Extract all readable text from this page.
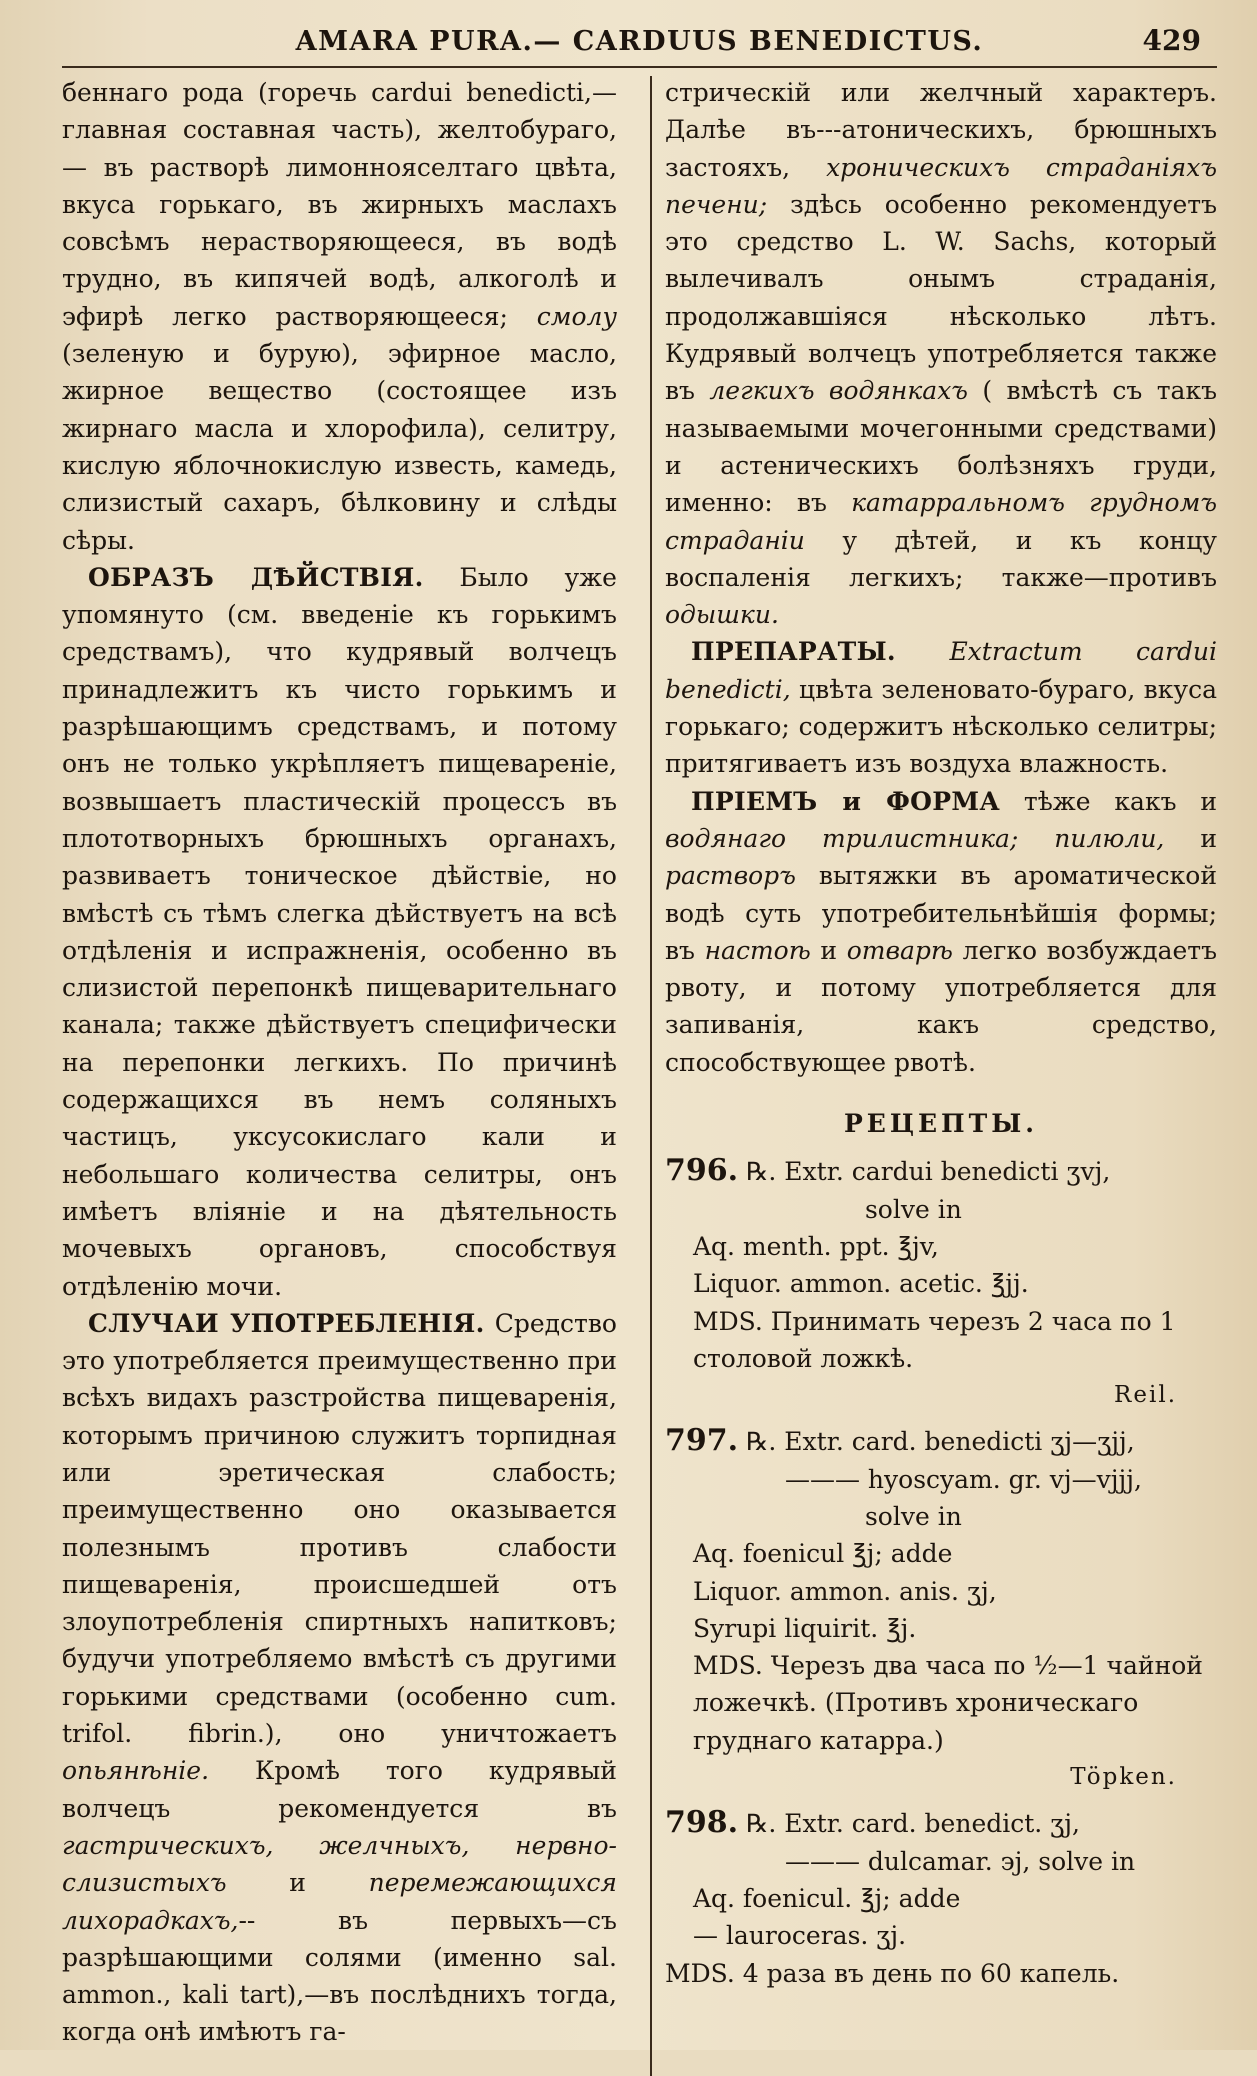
AMARA PURA.— CARDUUS BENEDICTUS.	429

беннаго рода (горечь cardui benedicti,— главная составная часть), желтобураго,— въ растворѣ лимоннояселтаго цвѣта, вкуса горькаго, въ жирныхъ маслахъ совсѣмъ нерастворяющееся, въ водѣ трудно, въ кипячей водѣ, алкоголѣ и эфирѣ легко растворяющееся; смолу (зеленую и бурую), эфирное масло, жирное вещество (состоящее изъ жирнаго масла и хлорофила), селитру, кислую яблочнокислую известь, камедь, слизистый сахаръ, бѣлковину и слѣды сѣры.

ОБРАЗЪ ДѢЙСТВІЯ. Было уже упомянуто (см. введеніе къ горькимъ средствамъ), что кудрявый волчецъ принадлежитъ къ чисто горькимъ и разрѣшающимъ средствамъ, и потому онъ не только укрѣпляетъ пищевареніе, возвышаетъ пластическій процессъ въ плототворныхъ брюшныхъ органахъ, развиваетъ тоническое дѣйствіе, но вмѣстѣ съ тѣмъ слегка дѣйствуетъ на всѣ отдѣленія и испражненія, особенно въ слизистой перепонкѣ пищеварительнаго канала; также дѣйствуетъ специфически на перепонки легкихъ. По причинѣ содержащихся въ немъ соляныхъ частицъ, уксусокислаго кали и небольшаго количества селитры, онъ имѣетъ вліяніе и на дѣятельность мочевыхъ органовъ, способствуя отдѣленію мочи.

СЛУЧАИ УПОТРЕБЛЕНІЯ. Средство это употребляется преимущественно при всѣхъ видахъ разстройства пищеваренія, которымъ причиною служитъ торпидная или эретическая слабость; преимущественно оно оказывается полезнымъ противъ слабости пищеваренія, происшедшей отъ злоупотребленія спиртныхъ напитковъ; будучи употребляемо вмѣстѣ съ другими горькими средствами (особенно cum. trifol. fibrin.), оно уничтожаетъ опьянѣніе. Кромѣ того кудрявый волчецъ рекомендуется въ гастрическихъ, желчныхъ, нервно-слизистыхъ	и	перемежающихся лихорадкахъ,-- въ первыхъ—съ разрѣшающими солями (именно sal. ammon., kali tart),—въ послѣднихъ тогда, когда онѣ имѣютъ га-

стрическій или желчный характеръ. Далѣе въ---атоническихъ, брюшныхъ застояхъ, хроническихъ страданіяхъ печени; здѣсь особенно рекомендуетъ это средство L. W. Sachs, который вылечивалъ онымъ страданія, продолжавшіяся нѣсколько лѣтъ. Кудрявый волчецъ употребляется также въ легкихъ водянкахъ ( вмѣстѣ съ такъ называемыми мочегонными средствами) и астеническихъ болѣзняхъ груди, именно: въ катарральномъ грудномъ страданіи у дѣтей, и къ концу воспаленія легкихъ; также—противъ одышки.

ПРЕПАРАТЫ. Extractum cardui benedicti, цвѣта зеленовато-бураго, вкуса горькаго; содержитъ нѣсколько селитры; притягиваетъ изъ воздуха влажность.

ПРІЕМЪ и ФОРМА тѣже какъ и водянаго трилистника; пилюли, и растворъ вытяжки въ ароматической водѣ суть употребительнѣйшія формы; въ настоѣ и отварѣ легко возбуждаетъ рвоту, и потому употребляется для запиванія, какъ средство, способствующее рвотѣ.

РЕЦЕПТЫ.
796. ℞. Extr. cardui benedicti ʒvj,
solve in
Aq. menth. ppt. ℥jv,
Liquor. ammon. acetic. ℥jj.
MDS. Принимать черезъ 2 часа по 1 столовой ложкѣ.
Reil.
797. ℞. Extr. card. benedicti ʒj—ʒjj,
——— hyoscyam. gr. vj—vjjj,
solve in
Aq. foenicul ℥j; adde
Liquor. ammon. anis. ʒj,
Syrupi liquirit. ℥j.
MDS. Черезъ два часа по ½—1 чайной ложечкѣ. (Противъ хроническаго груднаго катарра.)
Töpken.
798. ℞. Extr. card. benedict. ʒj,
——— dulcamar. ϶j, solve in
Aq. foenicul. ℥j; adde
— lauroceras. ʒj.
MDS. 4 раза въ день по 60 капель.
